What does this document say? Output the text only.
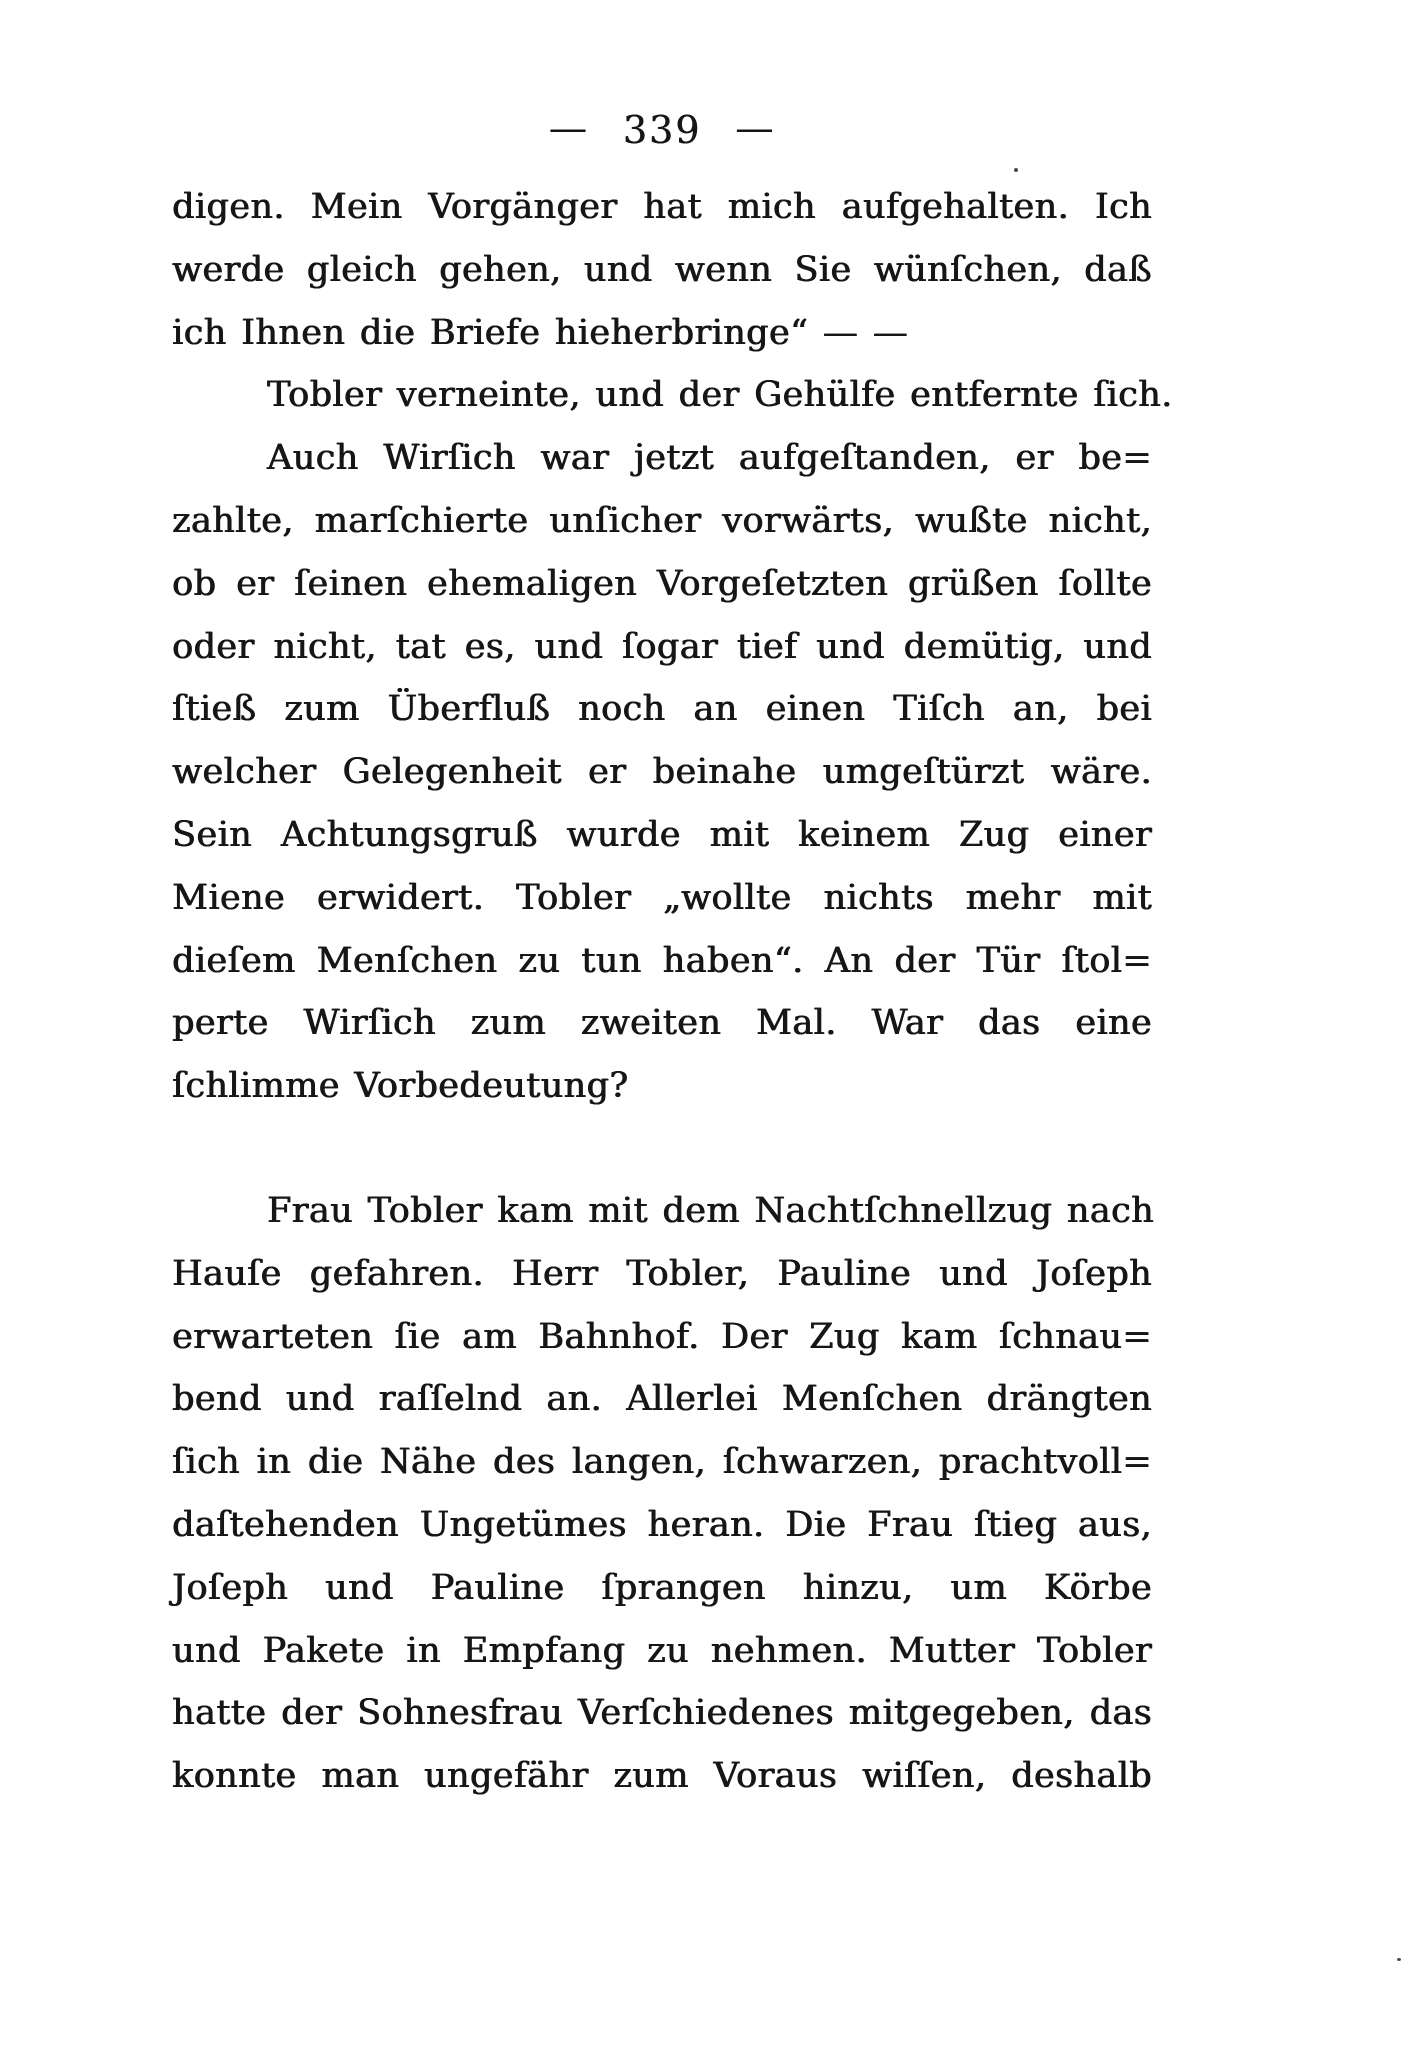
— 339 —
digen. Mein Vorgänger hat mich aufgehalten. Ich
werde gleich gehen, und wenn Sie wünſchen, daß
ich Ihnen die Briefe hieherbringe“ — —
Tobler verneinte, und der Gehülfe entfernte ſich.
Auch Wirſich war jetzt aufgeſtanden, er be=
zahlte, marſchierte unſicher vorwärts, wußte nicht,
ob er ſeinen ehemaligen Vorgeſetzten grüßen ſollte
oder nicht, tat es, und ſogar tief und demütig, und
ſtieß zum Überfluß noch an einen Tiſch an, bei
welcher Gelegenheit er beinahe umgeſtürzt wäre.
Sein Achtungsgruß wurde mit keinem Zug einer
Miene erwidert. Tobler „wollte nichts mehr mit
dieſem Menſchen zu tun haben“. An der Tür ſtol=
perte Wirſich zum zweiten Mal. War das eine
ſchlimme Vorbedeutung?
Frau Tobler kam mit dem Nachtſchnellzug nach
Hauſe gefahren. Herr Tobler, Pauline und Joſeph
erwarteten ſie am Bahnhof. Der Zug kam ſchnau=
bend und raſſelnd an. Allerlei Menſchen drängten
ſich in die Nähe des langen, ſchwarzen, prachtvoll=
daſtehenden Ungetümes heran. Die Frau ſtieg aus,
Joſeph und Pauline ſprangen hinzu, um Körbe
und Pakete in Empfang zu nehmen. Mutter Tobler
hatte der Sohnesfrau Verſchiedenes mitgegeben, das
konnte man ungefähr zum Voraus wiſſen, deshalb
